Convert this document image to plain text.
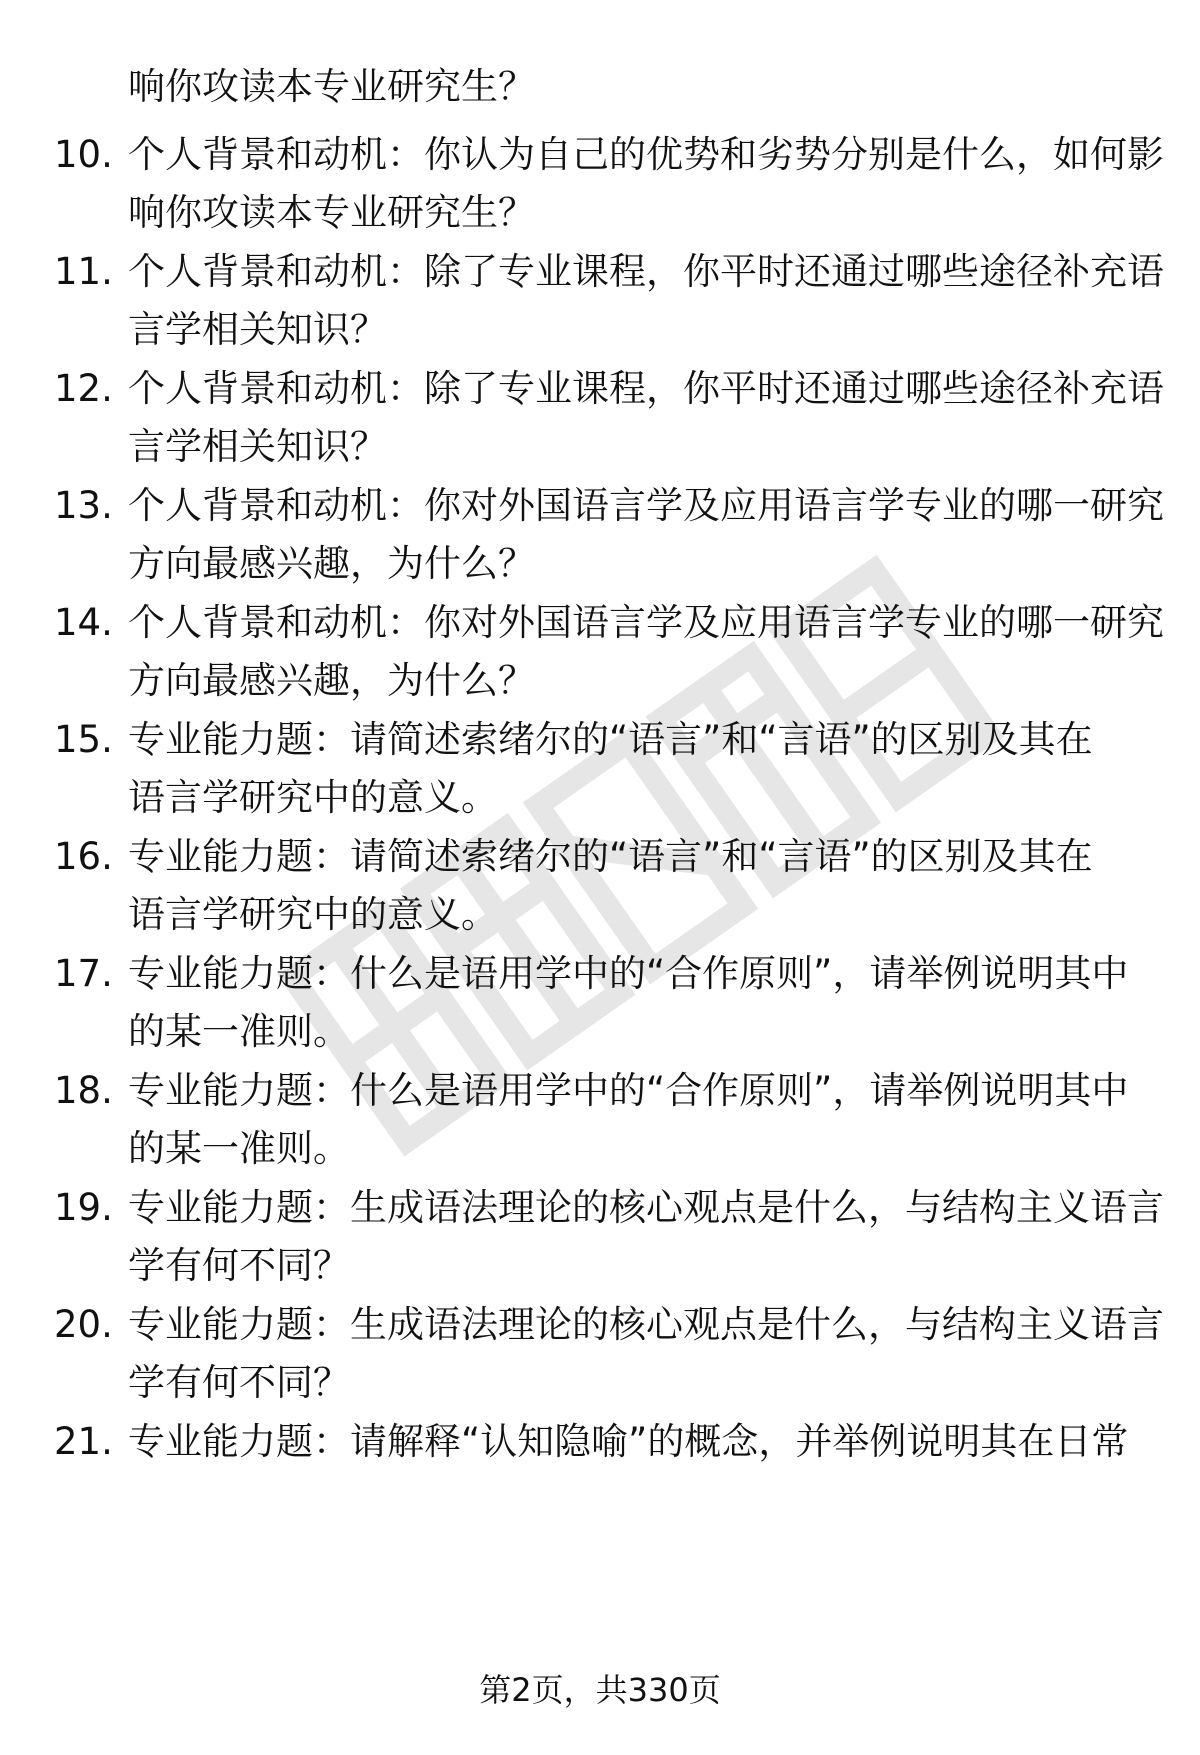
响你攻读本专业研究生？
10. 个人背景和动机：你认为自己的优势和劣势分别是什么，如何影
响你攻读本专业研究生？
11. 个人背景和动机：除了专业课程，你平时还通过哪些途径补充语
言学相关知识？
12. 个人背景和动机：除了专业课程，你平时还通过哪些途径补充语
言学相关知识？
13. 个人背景和动机：你对外国语言学及应用语言学专业的哪一研究
方向最感兴趣，为什么？
14. 个人背景和动机：你对外国语言学及应用语言学专业的哪一研究
方向最感兴趣，为什么？
15. 专业能力题：请简述索绪尔的“语言”和“言语”的区别及其在
语言学研究中的意义。
16. 专业能力题：请简述索绪尔的“语言”和“言语”的区别及其在
语言学研究中的意义。
17. 专业能力题：什么是语用学中的“合作原则”，请举例说明其中
的某一准则。
18. 专业能力题：什么是语用学中的“合作原则”，请举例说明其中
的某一准则。
19. 专业能力题：生成语法理论的核心观点是什么，与结构主义语言
学有何不同？
20. 专业能力题：生成语法理论的核心观点是什么，与结构主义语言
学有何不同？
21. 专业能力题：请解释“认知隐喻”的概念，并举例说明其在日常
第2页，共330页
